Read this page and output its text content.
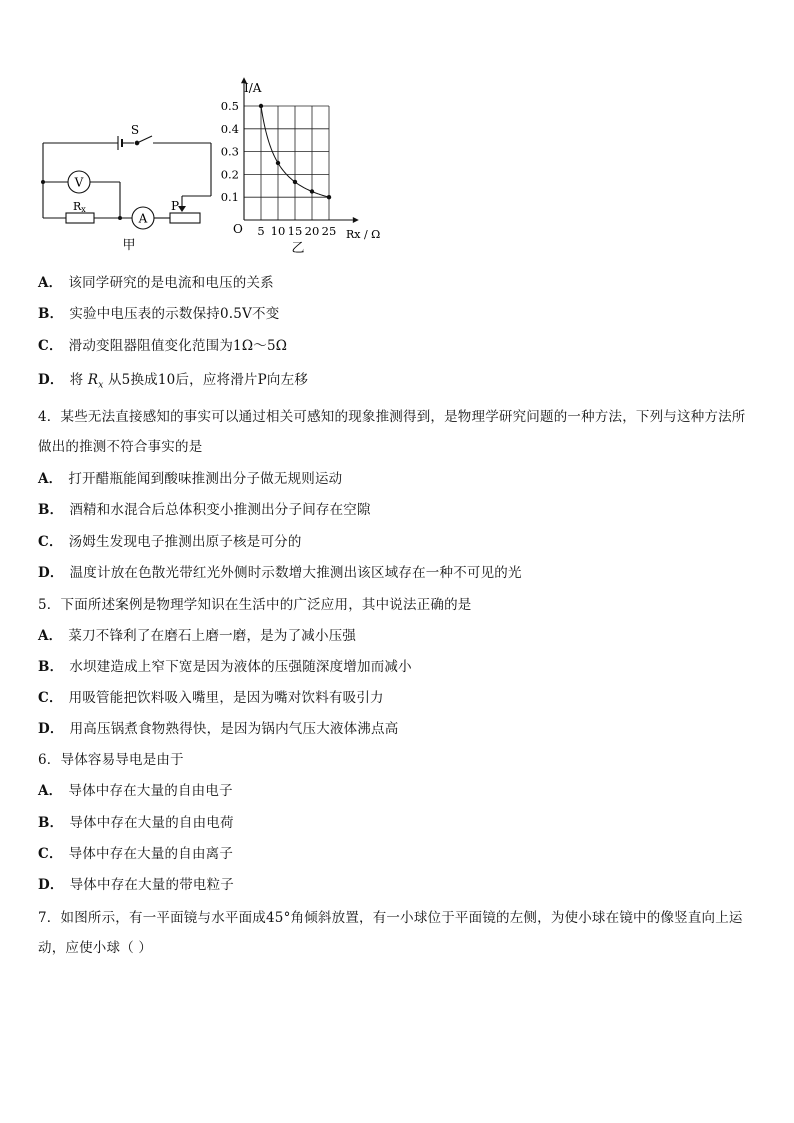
S
V
A
Rx	P
甲
5 10 15 20 25
0.5
0.4
0.3
0.2
0.1
I/A
Rx / Ω
O
乙
A． 该同学研究的是电流和电压的关系
B． 实验中电压表的示数保持0.5V不变
C． 滑动变阻器阻值变化范围为1Ω～5Ω
D． 将 $R_x$ 从5换成10后，应将滑片P向左移
4．某些无法直接感知的事实可以通过相关可感知的现象推测得到，是物理学研究问题的一种方法，下列与这种方法所
做出的推测不符合事实的是
A． 打开醋瓶能闻到酸味推测出分子做无规则运动
B． 酒精和水混合后总体积变小推测出分子间存在空隙
C． 汤姆生发现电子推测出原子核是可分的
D． 温度计放在色散光带红光外侧时示数增大推测出该区域存在一种不可见的光
5．下面所述案例是物理学知识在生活中的广泛应用，其中说法正确的是
A． 菜刀不锋利了在磨石上磨一磨，是为了减小压强
B． 水坝建造成上窄下宽是因为液体的压强随深度增加而减小
C． 用吸管能把饮料吸入嘴里，是因为嘴对饮料有吸引力
D． 用高压锅煮食物熟得快，是因为锅内气压大液体沸点高
6．导体容易导电是由于
A． 导体中存在大量的自由电子
B． 导体中存在大量的自由电荷
C． 导体中存在大量的自由离子
D． 导体中存在大量的带电粒子
7．如图所示，有一平面镜与水平面成45°角倾斜放置，有一小球位于平面镜的左侧，为使小球在镜中的像竖直向上运
动，应使小球（ ）
